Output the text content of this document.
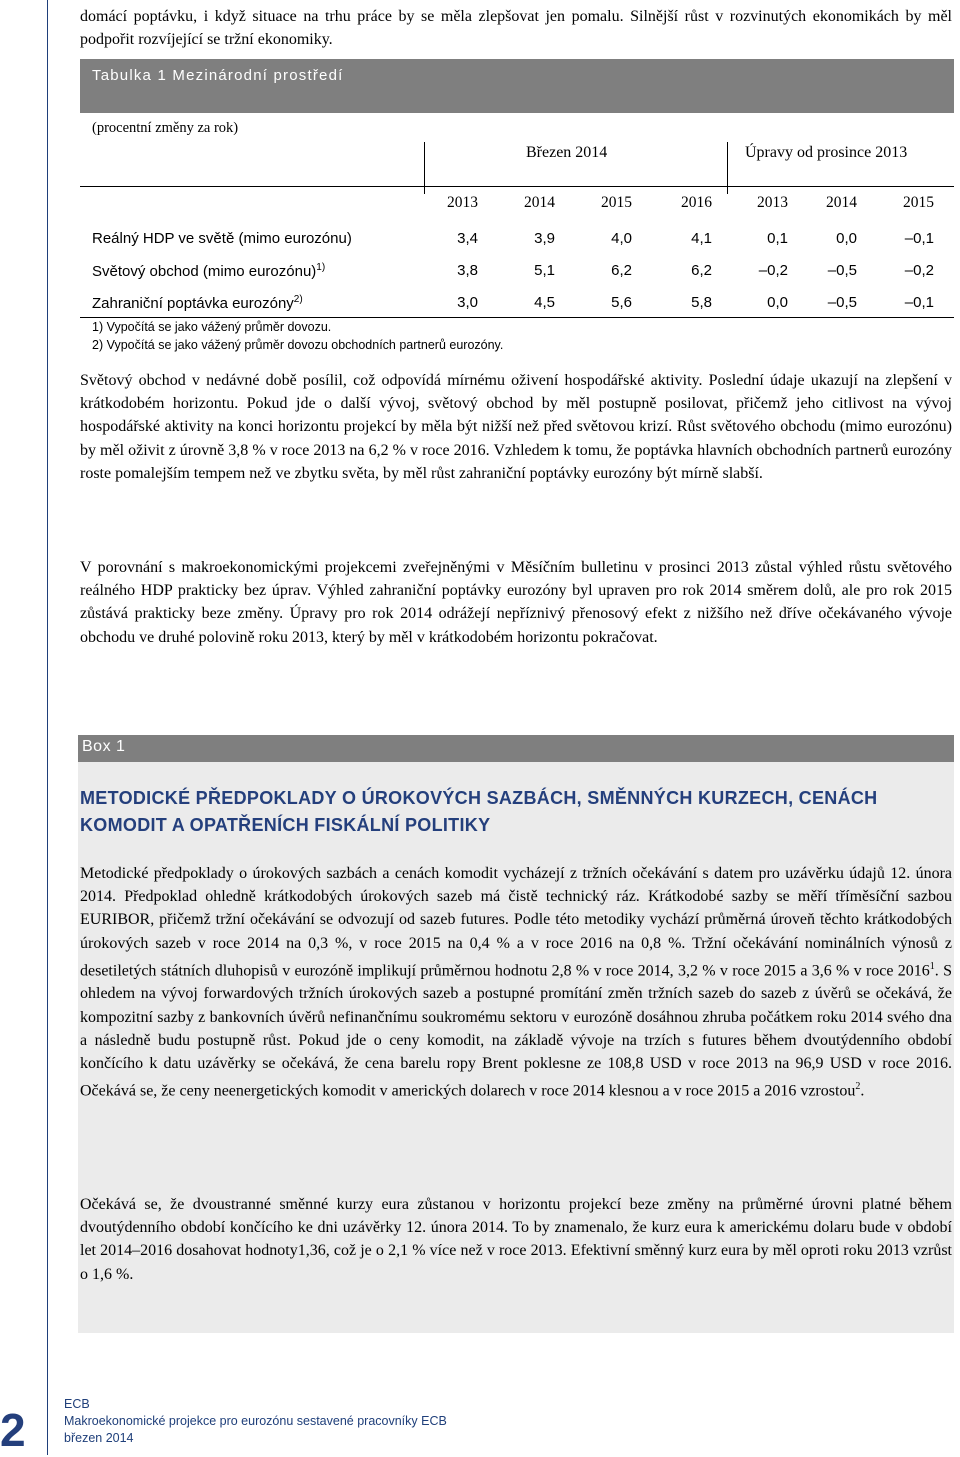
domácí poptávku, i když situace na trhu práce by se měla zlepšovat jen pomalu. Silnější růst v rozvinutých ekonomikách by měl podpořit rozvíjející se tržní ekonomiky.

Tabulka 1 Mezinárodní prostředí
(procentní změny za rok)
Březen 2014	Úpravy od prosince 2013
2013	2014	2015	2016	2013	2014	2015
Reálný HDP ve světě (mimo eurozónu)	3,4	3,9	4,0	4,1	0,1	0,0	–0,1
Světový obchod (mimo eurozónu)$^{1)}$	3,8	5,1	6,2	6,2	–0,2	–0,5	–0,2
Zahraniční poptávka eurozóny$^{2)}$	3,0	4,5	5,6	5,8	0,0	–0,5	–0,1
1) Vypočítá se jako vážený průměr dovozu.
2) Vypočítá se jako vážený průměr dovozu obchodních partnerů eurozóny.

Světový obchod v nedávné době posílil, což odpovídá mírnému oživení hospodářské aktivity. Poslední údaje ukazují na zlepšení v krátkodobém horizontu. Pokud jde o další vývoj, světový obchod by měl postupně posilovat, přičemž jeho citlivost na vývoj hospodářské aktivity na konci horizontu projekcí by měla být nižší než před světovou krizí. Růst světového obchodu (mimo eurozónu) by měl oživit z úrovně 3,8 % v roce 2013 na 6,2 % v roce 2016. Vzhledem k tomu, že poptávka hlavních obchodních partnerů eurozóny roste pomalejším tempem než ve zbytku světa, by měl růst zahraniční poptávky eurozóny být mírně slabší.

V porovnání s makroekonomickými projekcemi zveřejněnými v Měsíčním bulletinu v prosinci 2013 zůstal výhled růstu světového reálného HDP prakticky bez úprav. Výhled zahraniční poptávky eurozóny byl upraven pro rok 2014 směrem dolů, ale pro rok 2015 zůstává prakticky beze změny. Úpravy pro rok 2014 odrážejí nepříznivý přenosový efekt z nižšího než dříve očekávaného vývoje obchodu ve druhé polovině roku 2013, který by měl v krátkodobém horizontu pokračovat.

Box 1
METODICKÉ PŘEDPOKLADY O ÚROKOVÝCH SAZBÁCH, SMĚNNÝCH KURZECH, CENÁCH KOMODIT A OPATŘENÍCH FISKÁLNÍ POLITIKY

Metodické předpoklady o úrokových sazbách a cenách komodit vycházejí z tržních očekávání s datem pro uzávěrku údajů 12. února 2014. Předpoklad ohledně krátkodobých úrokových sazeb má čistě technický ráz. Krátkodobé sazby se měří tříměsíční sazbou EURIBOR, přičemž tržní očekávání se odvozují od sazeb futures. Podle této metodiky vychází průměrná úroveň těchto krátkodobých úrokových sazeb v roce 2014 na 0,3 %, v roce 2015 na 0,4 % a v roce 2016 na 0,8 %. Tržní očekávání nominálních výnosů z desetiletých státních dluhopisů v eurozóně implikují průměrnou hodnotu 2,8 % v roce 2014, 3,2 % v roce 2015 a 3,6 % v roce 2016$^1$. S ohledem na vývoj forwardových tržních úrokových sazeb a postupné promítání změn tržních sazeb do sazeb z úvěrů se očekává, že kompozitní sazby z bankovních úvěrů nefinančnímu soukromému sektoru v eurozóně dosáhnou zhruba počátkem roku 2014 svého dna a následně budu postupně růst. Pokud jde o ceny komodit, na základě vývoje na trzích s futures během dvoutýdenního období končícího k datu uzávěrky se očekává, že cena barelu ropy Brent poklesne ze 108,8 USD v roce 2013 na 96,9 USD v roce 2016. Očekává se, že ceny neenergetických komodit v amerických dolarech v roce 2014 klesnou a v roce 2015 a 2016 vzrostou$^2$.

Očekává se, že dvoustranné směnné kurzy eura zůstanou v horizontu projekcí beze změny na průměrné úrovni platné během dvoutýdenního období končícího ke dni uzávěrky 12. února 2014. To by znamenalo, že kurz eura k americkému dolaru bude v období let 2014–2016 dosahovat hodnoty1,36, což je o 2,1 % více než v roce 2013. Efektivní směnný kurz eura by měl oproti roku 2013 vzrůst o 1,6 %.

2	ECB
Makroekonomické projekce pro eurozónu sestavené pracovníky ECB
březen 2014
